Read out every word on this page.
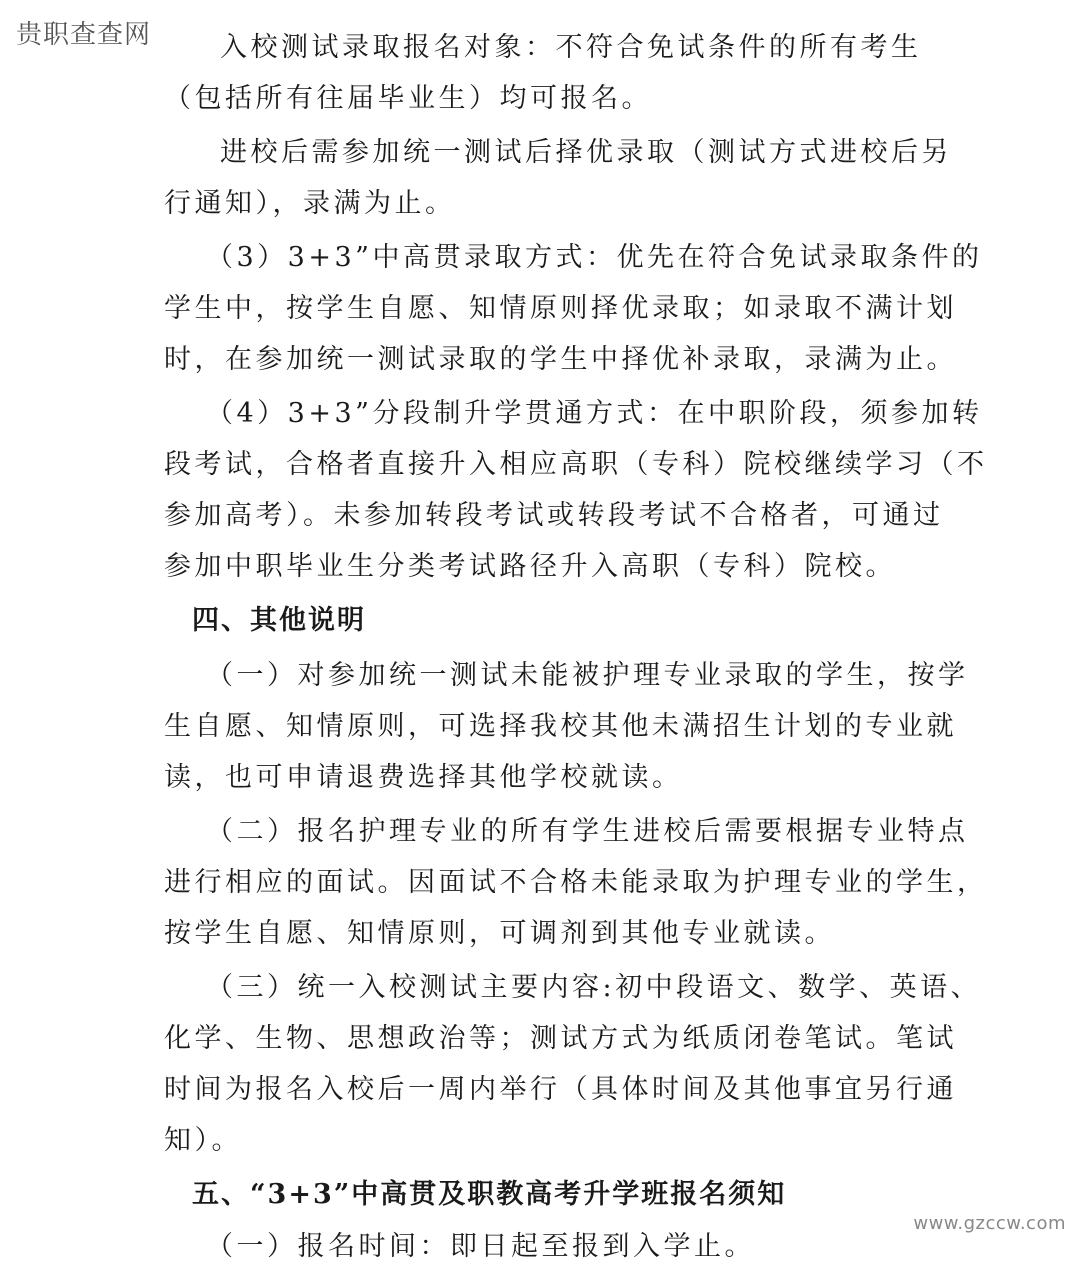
贵职查查网	入校测试录取报名对象：不符合免试条件的所有考生
（包括所有往届毕业生）均可报名。
进校后需参加统一测试后择优录取（测试方式进校后另
行通知），录满为止。
（3）3+3”中高贯录取方式：优先在符合免试录取条件的
学生中，按学生自愿、知情原则择优录取；如录取不满计划
时，在参加统一测试录取的学生中择优补录取，录满为止。
（4）3+3”分段制升学贯通方式：在中职阶段，须参加转
段考试，合格者直接升入相应高职（专科）院校继续学习（不
参加高考）。未参加转段考试或转段考试不合格者，可通过
参加中职毕业生分类考试路径升入高职（专科）院校。
四、其他说明
（一）对参加统一测试未能被护理专业录取的学生，按学
生自愿、知情原则，可选择我校其他未满招生计划的专业就
读，也可申请退费选择其他学校就读。
（二）报名护理专业的所有学生进校后需要根据专业特点
进行相应的面试。因面试不合格未能录取为护理专业的学生，
按学生自愿、知情原则，可调剂到其他专业就读。
（三）统一入校测试主要内容:初中段语文、数学、英语、
化学、生物、思想政治等；测试方式为纸质闭卷笔试。笔试
时间为报名入校后一周内举行（具体时间及其他事宜另行通
知）。
五、“3+3”中高贯及职教高考升学班报名须知
（一）报名时间：即日起至报到入学止。
www.gzccw.com
